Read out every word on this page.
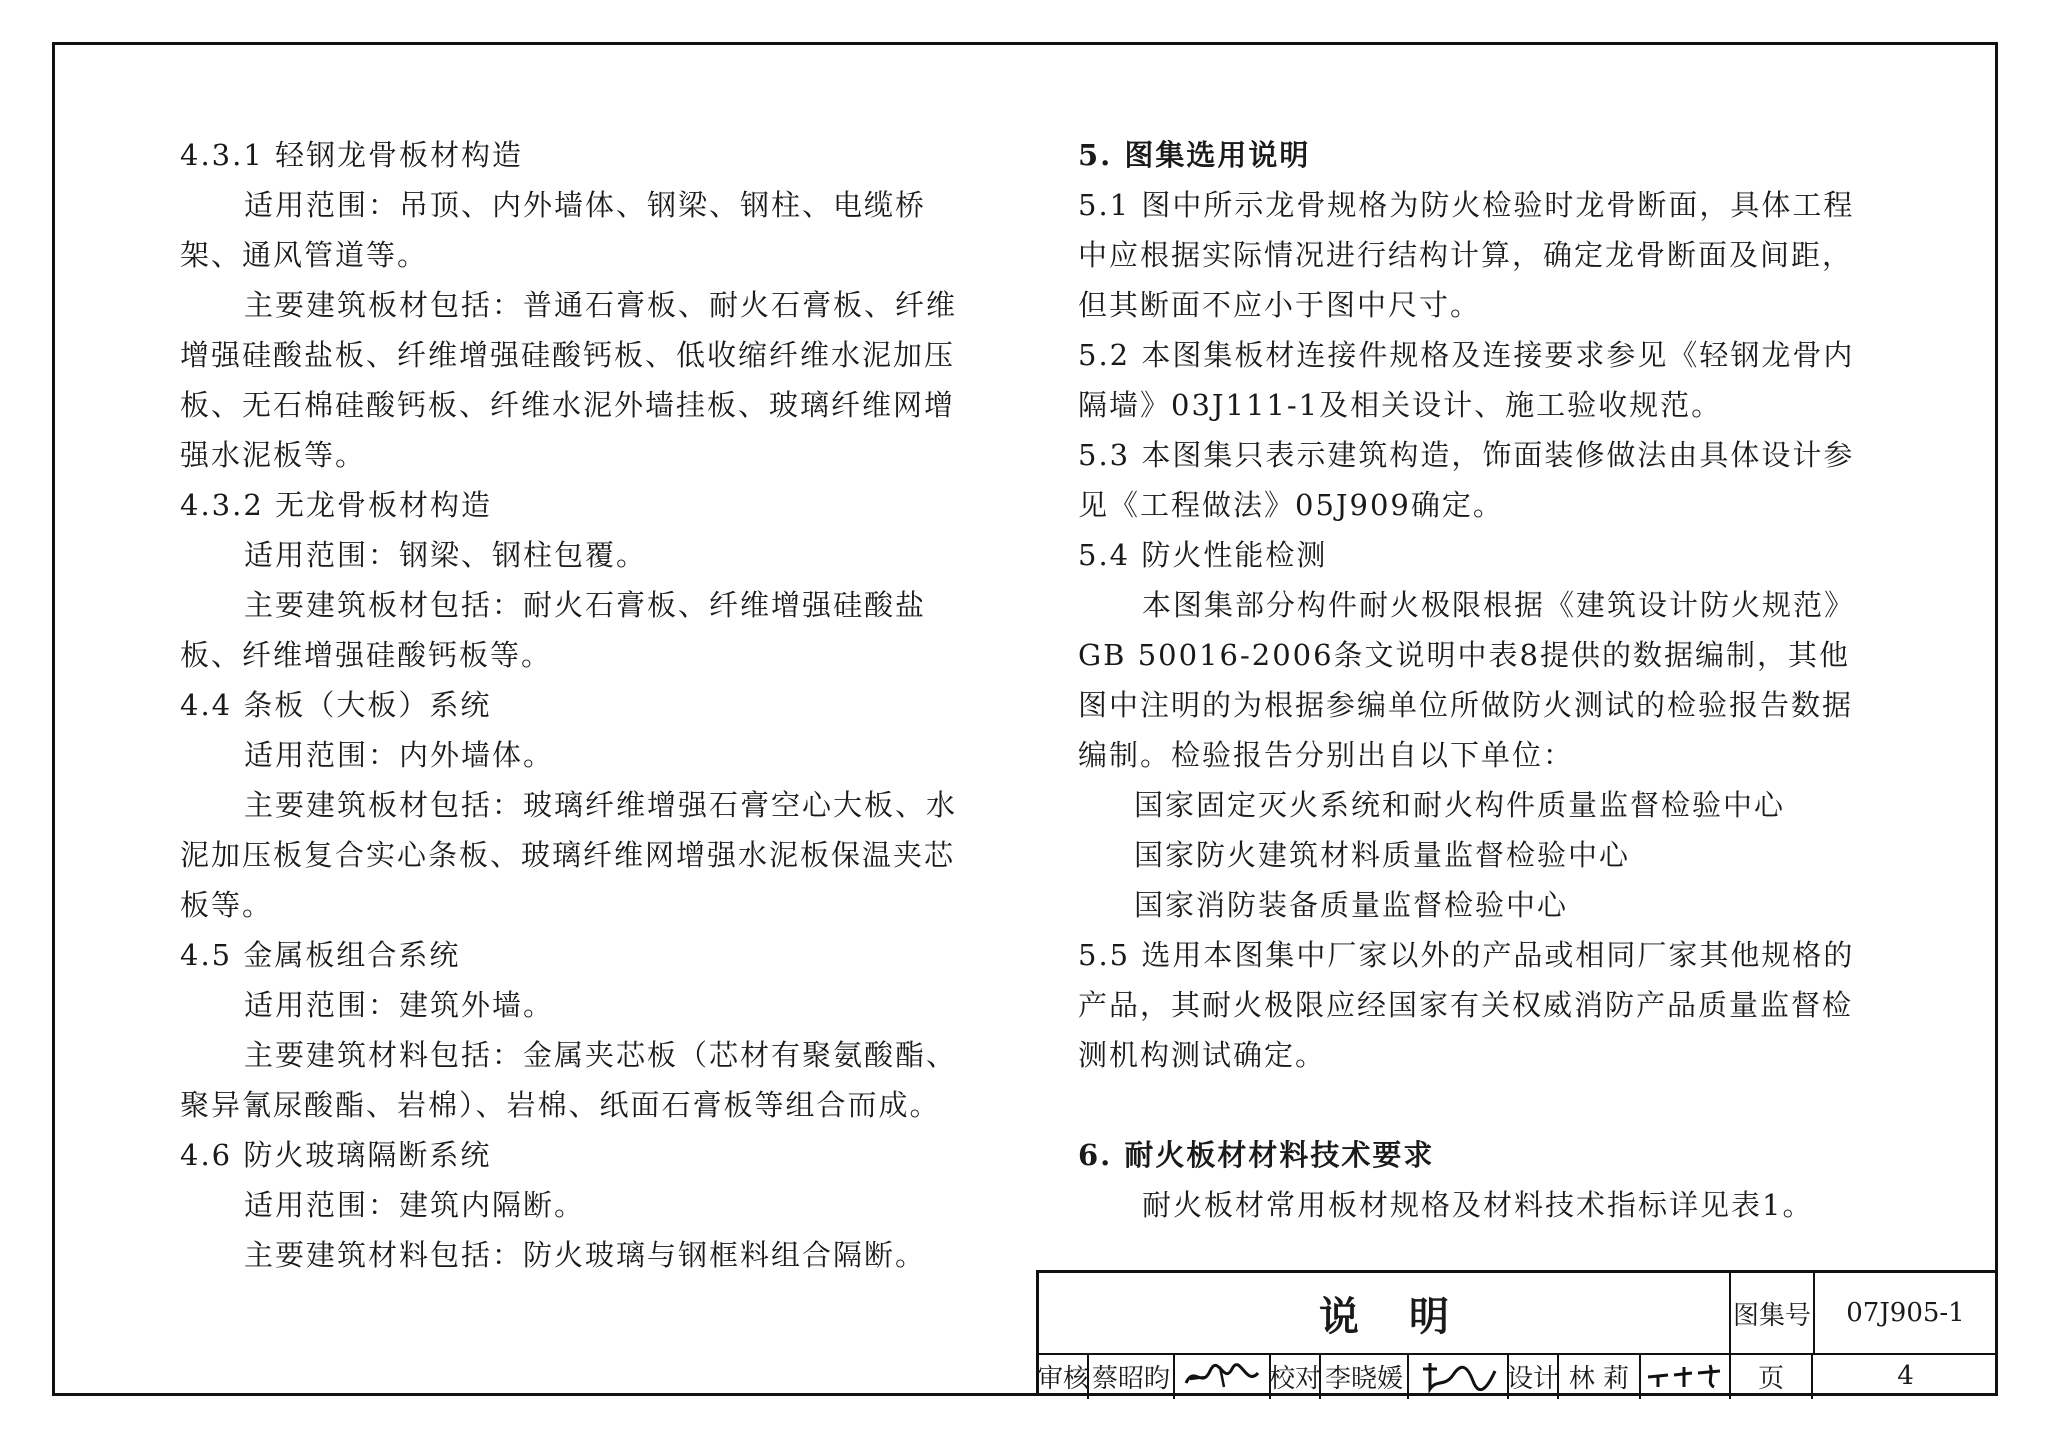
4.3.1 轻钢龙骨板材构造

适用范围：吊顶、内外墙体、钢梁、钢柱、电缆桥架、通风管道等。

主要建筑板材包括：普通石膏板、耐火石膏板、纤维增强硅酸盐板、纤维增强硅酸钙板、低收缩纤维水泥加压板、无石棉硅酸钙板、纤维水泥外墙挂板、玻璃纤维网增强水泥板等。

4.3.2 无龙骨板材构造

适用范围：钢梁、钢柱包覆。

主要建筑板材包括：耐火石膏板、纤维增强硅酸盐板、纤维增强硅酸钙板等。

4.4 条板（大板）系统

适用范围：内外墙体。

主要建筑板材包括：玻璃纤维增强石膏空心大板、水泥加压板复合实心条板、玻璃纤维网增强水泥板保温夹芯板等。

4.5 金属板组合系统

适用范围：建筑外墙。

主要建筑材料包括：金属夹芯板（芯材有聚氨酸酯、聚异氰尿酸酯、岩棉）、岩棉、纸面石膏板等组合而成。

4.6 防火玻璃隔断系统

适用范围：建筑内隔断。

主要建筑材料包括：防火玻璃与钢框料组合隔断。

5. 图集选用说明

5.1 图中所示龙骨规格为防火检验时龙骨断面，具体工程中应根据实际情况进行结构计算，确定龙骨断面及间距，但其断面不应小于图中尺寸。

5.2 本图集板材连接件规格及连接要求参见《轻钢龙骨内隔墙》03J111-1及相关设计、施工验收规范。

5.3 本图集只表示建筑构造，饰面装修做法由具体设计参见《工程做法》05J909确定。

5.4 防火性能检测

本图集部分构件耐火极限根据《建筑设计防火规范》GB 50016-2006条文说明中表8提供的数据编制，其他图中注明的为根据参编单位所做防火测试的检验报告数据编制。检验报告分别出自以下单位：

国家固定灭火系统和耐火构件质量监督检验中心

国家防火建筑材料质量监督检验中心

国家消防装备质量监督检验中心

5.5 选用本图集中厂家以外的产品或相同厂家其他规格的产品，其耐火极限应经国家有关权威消防产品质量监督检测机构测试确定。

6. 耐火板材材料技术要求

耐火板材常用板材规格及材料技术指标详见表1。

说明	图集号	07J905-1
审核 蔡昭昀	校对 李晓媛	设计 林 莉	页	4
